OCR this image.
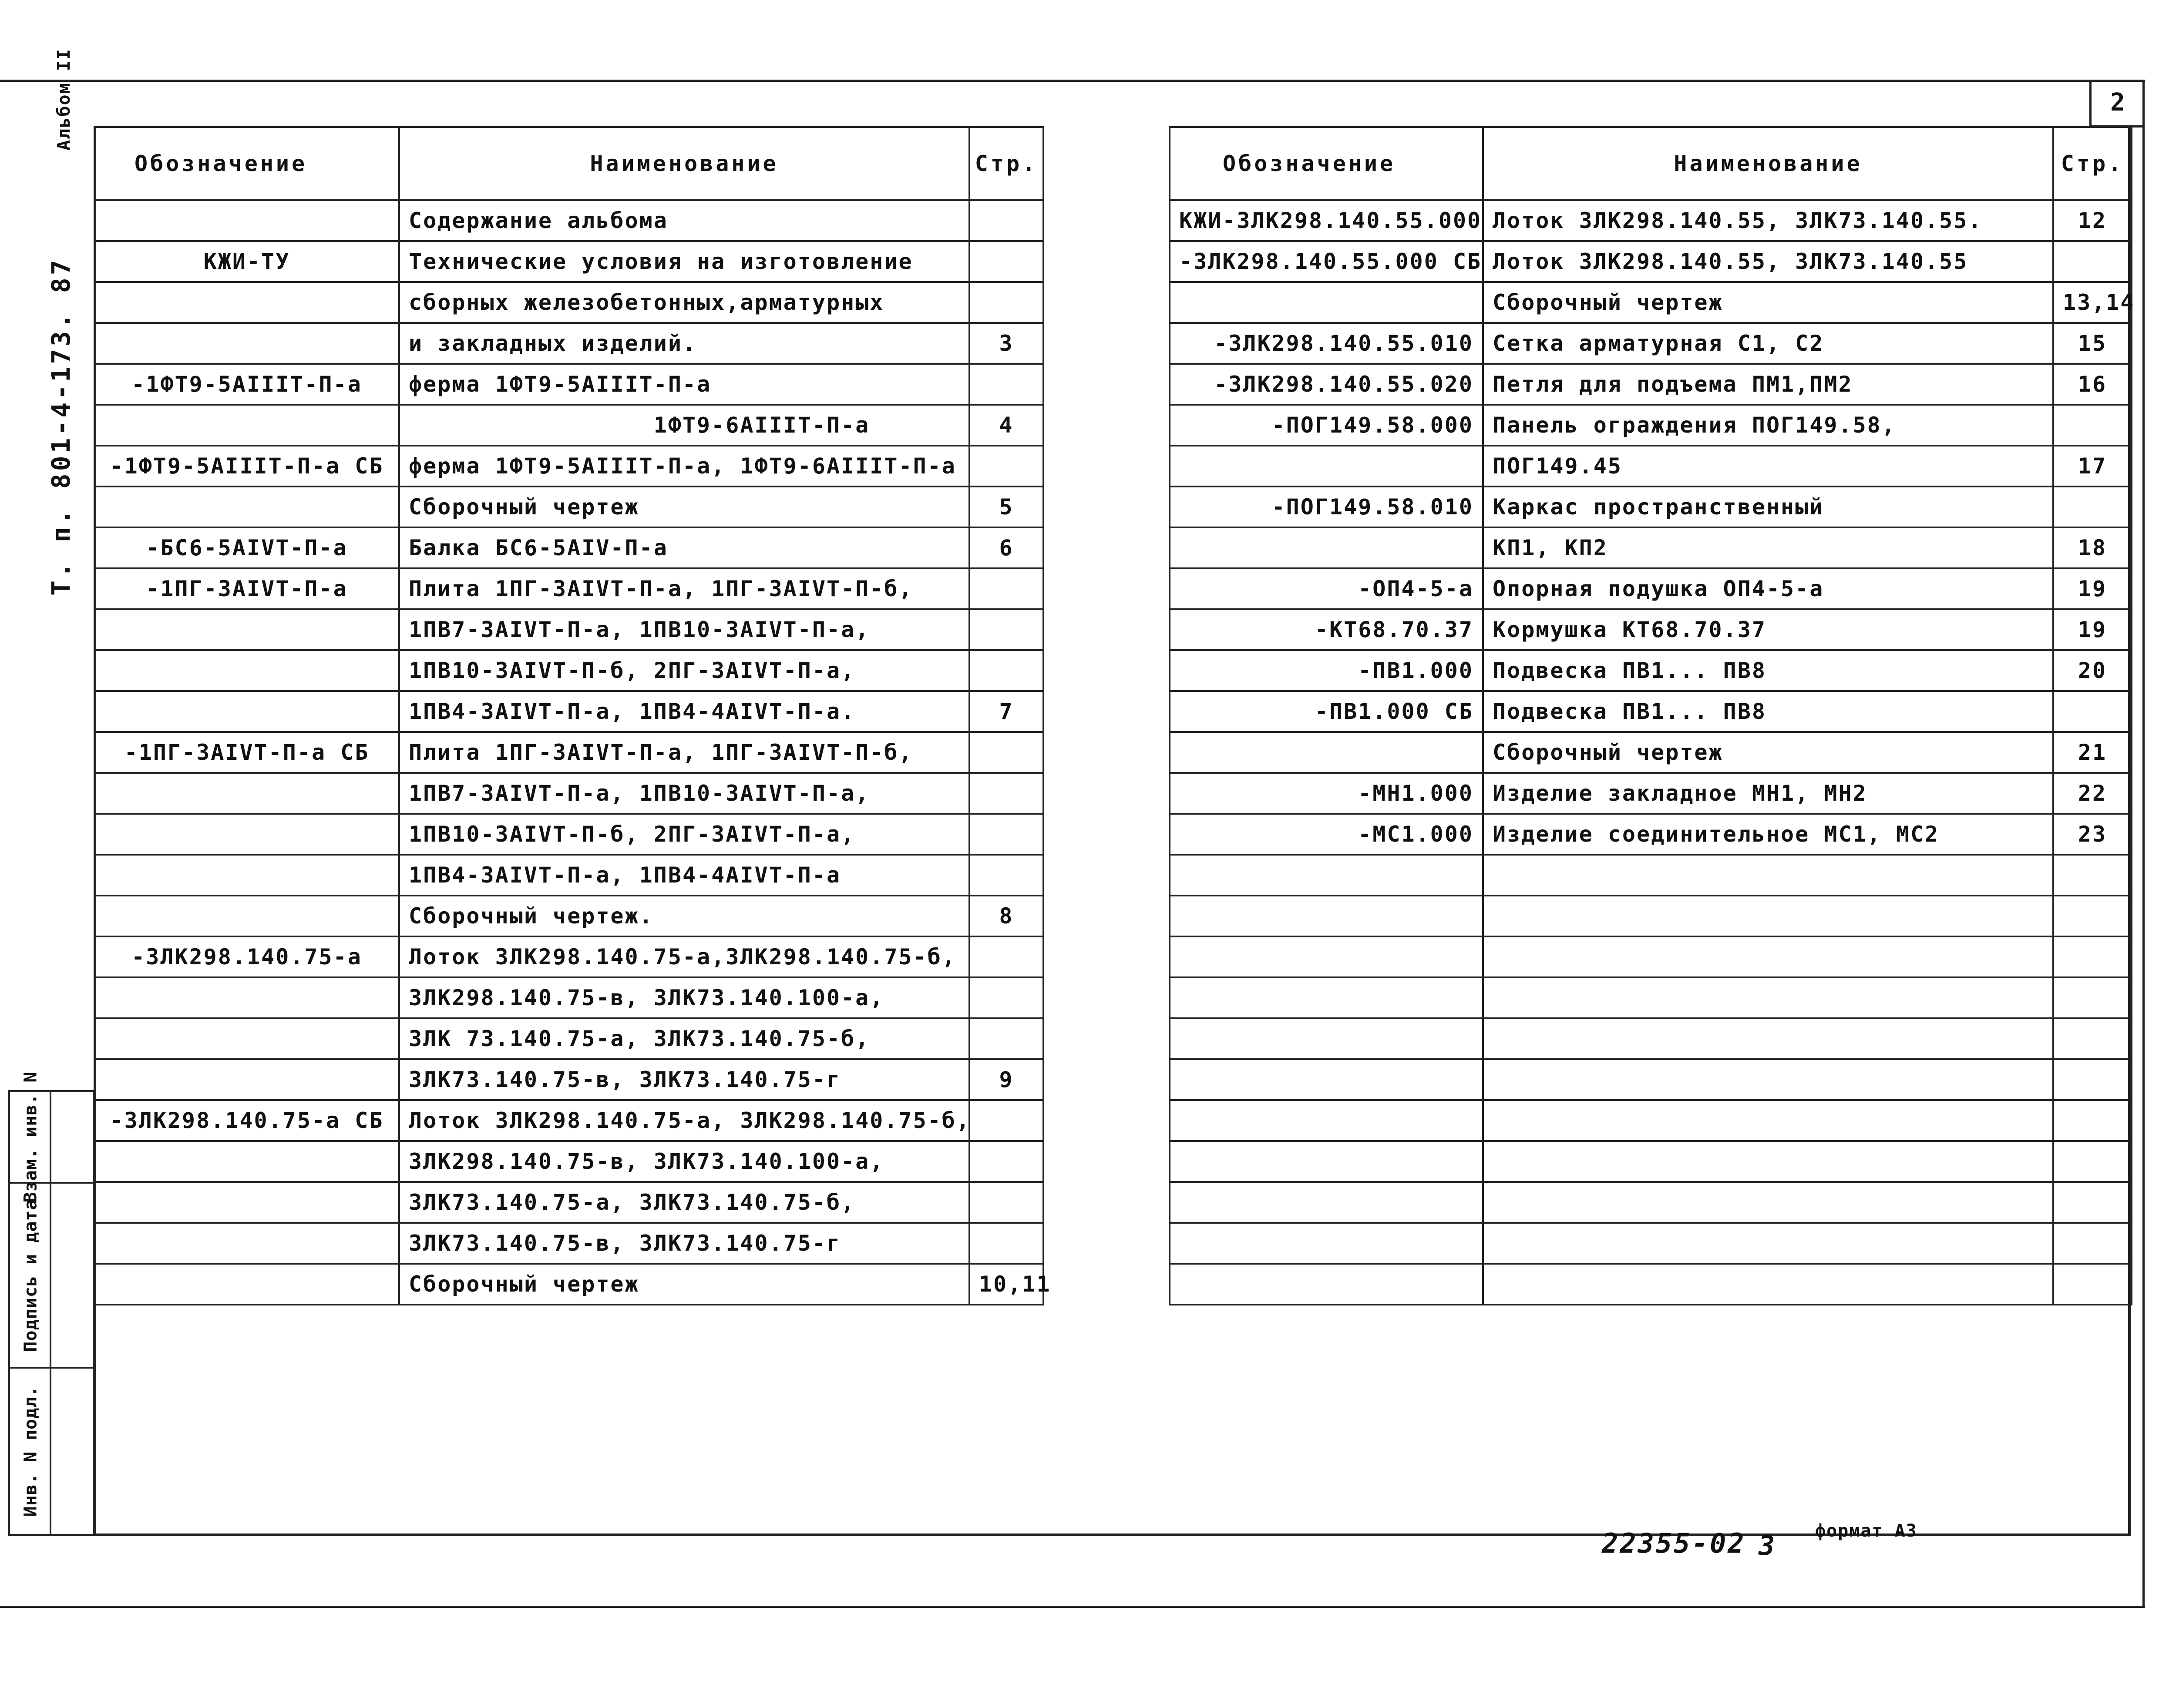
2
Т. п. 801-4-173. 87      Альбом II
Взам. инв. N
Подпись и дата
Инв. N подл.
Обозначение	Наименование	Стр.
	Содержание альбома	
КЖИ-ТУ	Технические условия на изготовление	
	сборных железобетонных,арматурных	
	и закладных изделий.	3
-1ФТ9-5АIIIТ-П-а	ферма 1ФТ9-5АIIIТ-П-а	
	1ФТ9-6АIIIТ-П-а	4
-1ФТ9-5АIIIТ-П-а СБ	ферма 1ФТ9-5АIIIТ-П-а, 1ФТ9-6АIIIТ-П-а	
	Сборочный чертеж	5
-БС6-5АIVТ-П-а	Балка БС6-5АIV-П-а	6
-1ПГ-3АIVТ-П-а	Плита 1ПГ-3АIVТ-П-а, 1ПГ-3АIVТ-П-б,	
	1ПВ7-3АIVТ-П-а, 1ПВ10-3АIVТ-П-а,	
	1ПВ10-3АIVТ-П-б, 2ПГ-3АIVТ-П-а,	
	1ПВ4-3АIVТ-П-а, 1ПВ4-4АIVТ-П-а.	7
-1ПГ-3АIVТ-П-а СБ	Плита 1ПГ-3АIVТ-П-а, 1ПГ-3АIVТ-П-б,	
	1ПВ7-3АIVТ-П-а, 1ПВ10-3АIVТ-П-а,	
	1ПВ10-3АIVТ-П-б, 2ПГ-3АIVТ-П-а,	
	1ПВ4-3АIVТ-П-а, 1ПВ4-4АIVТ-П-а	
	Сборочный чертеж.	8
-3ЛК298.140.75-а	Лоток 3ЛК298.140.75-а,3ЛК298.140.75-б,	
	3ЛК298.140.75-в, 3ЛК73.140.100-а,	
	3ЛК 73.140.75-а, 3ЛК73.140.75-б,	
	3ЛК73.140.75-в, 3ЛК73.140.75-г	9
-3ЛК298.140.75-а СБ	Лоток 3ЛК298.140.75-а, 3ЛК298.140.75-б,	
	3ЛК298.140.75-в, 3ЛК73.140.100-а,	
	3ЛК73.140.75-а, 3ЛК73.140.75-б,	
	3ЛК73.140.75-в, 3ЛК73.140.75-г	
	Сборочный чертеж	10,11
Обозначение	Наименование	Стр.
КЖИ-3ЛК298.140.55.000	Лоток 3ЛК298.140.55, 3ЛК73.140.55.	12
-3ЛК298.140.55.000 СБ	Лоток 3ЛК298.140.55, 3ЛК73.140.55	
	Сборочный чертеж	13,14
-3ЛК298.140.55.010	Сетка арматурная С1, С2	15
-3ЛК298.140.55.020	Петля для подъема ПМ1,ПМ2	16
-ПОГ149.58.000	Панель ограждения ПОГ149.58,	
	ПОГ149.45	17
-ПОГ149.58.010	Каркас пространственный	
	КП1, КП2	18
-ОП4-5-а	Опорная подушка ОП4-5-а	19
-КТ68.70.37	Кормушка КТ68.70.37	19
-ПВ1.000	Подвеска ПВ1... ПВ8	20
-ПВ1.000 СБ	Подвеска ПВ1... ПВ8	
	Сборочный чертеж	21
-МН1.000	Изделие закладное МН1, МН2	22
-МС1.000	Изделие соединительное МС1, МС2	23

22355-02 3 формат А3
